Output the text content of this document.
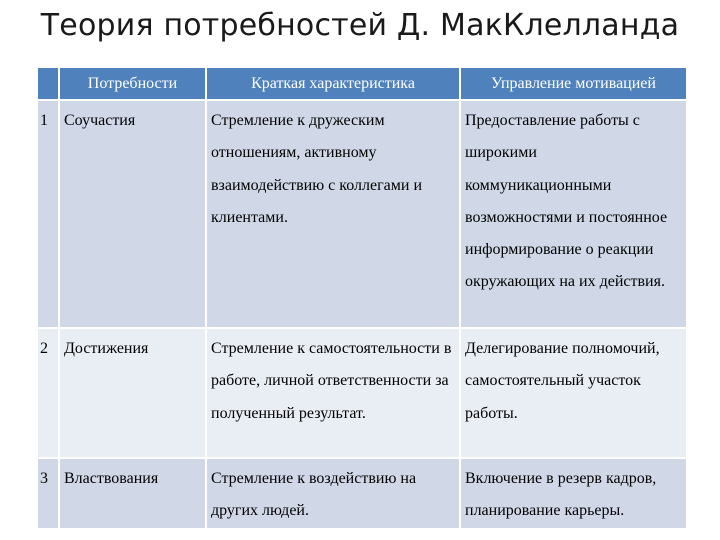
Теория потребностей Д. МакКлелланда
	Потребности	Краткая характеристика	Управление мотивацией
1	Соучастия	Стремление к дружеским отношениям, активному взаимодействию с коллегами и клиентами.	Предоставление работы с широкими коммуникационными возможностями и постоянное информирование о реакции окружающих на их действия.
2	Достижения	Стремление к самостоятельности в работе, личной ответственности за полученный результат.	Делегирование полномочий, самостоятельный участок работы.
3	Властвования	Стремление к воздействию на других людей.	Включение в резерв кадров, планирование карьеры.
